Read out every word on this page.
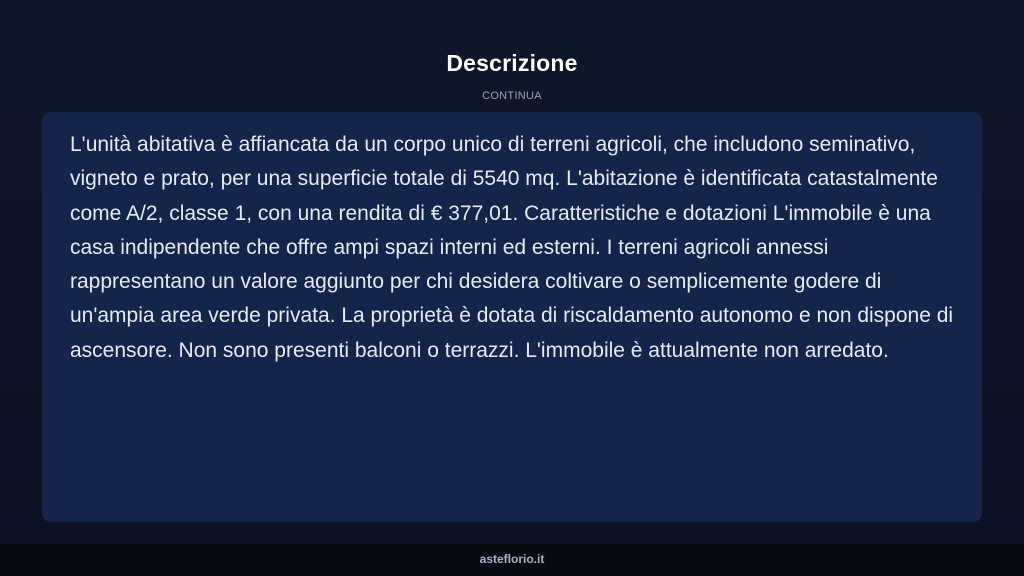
Descrizione
CONTINUA

L'unità abitativa è affiancata da un corpo unico di terreni agricoli, che includono seminativo, vigneto e prato, per una superficie totale di 5540 mq. L'abitazione è identificata catastalmente come A/2, classe 1, con una rendita di € 377,01. Caratteristiche e dotazioni L'immobile è una casa indipendente che offre ampi spazi interni ed esterni. I terreni agricoli annessi rappresentano un valore aggiunto per chi desidera coltivare o semplicemente godere di un'ampia area verde privata. La proprietà è dotata di riscaldamento autonomo e non dispone di ascensore. Non sono presenti balconi o terrazzi. L'immobile è attualmente non arredato.

asteflorio.it
